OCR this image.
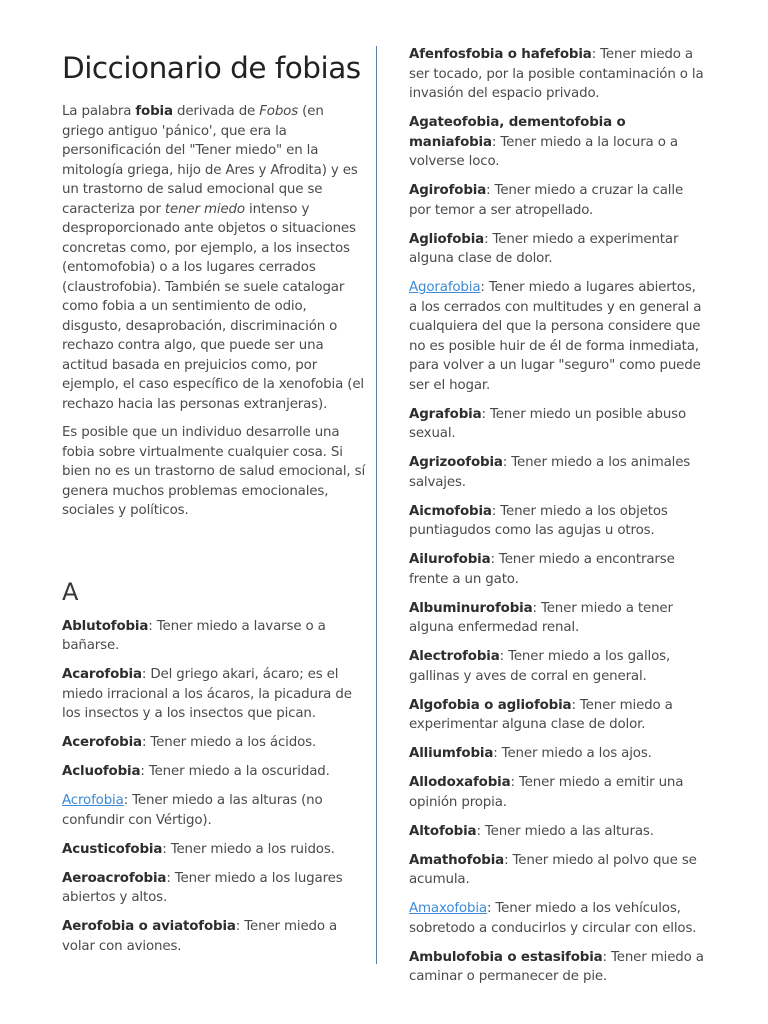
Diccionario de fobias

La palabra fobia derivada de Fobos (en griego antiguo 'pánico', que era la personificación del "Tener miedo" en la mitología griega, hijo de Ares y Afrodita) y es un trastorno de salud emocional que se caracteriza por tener miedo intenso y desproporcionado ante objetos o situaciones concretas como, por ejemplo, a los insectos (entomofobia) o a los lugares cerrados (claustrofobia). También se suele catalogar como fobia a un sentimiento de odio, disgusto, desaprobación, discriminación o rechazo contra algo, que puede ser una actitud basada en prejuicios como, por ejemplo, el caso específico de la xenofobia (el rechazo hacia las personas extranjeras).

Es posible que un individuo desarrolle una fobia sobre virtualmente cualquier cosa. Si bien no es un trastorno de salud emocional, sí genera muchos problemas emocionales, sociales y políticos.

A

Ablutofobia: Tener miedo a lavarse o a bañarse.

Acarofobia: Del griego akari, ácaro; es el miedo irracional a los ácaros, la picadura de los insectos y a los insectos que pican.

Acerofobia: Tener miedo a los ácidos.

Acluofobia: Tener miedo a la oscuridad.

Acrofobia: Tener miedo a las alturas (no confundir con Vértigo).

Acusticofobia: Tener miedo a los ruidos.

Aeroacrofobia: Tener miedo a los lugares abiertos y altos.

Aerofobia o aviatofobia: Tener miedo a volar con aviones.

Afenfosfobia o hafefobia: Tener miedo a ser tocado, por la posible contaminación o la invasión del espacio privado.

Agateofobia, dementofobia o maniafobia: Tener miedo a la locura o a volverse loco.

Agirofobia: Tener miedo a cruzar la calle por temor a ser atropellado.

Agliofobia: Tener miedo a experimentar alguna clase de dolor.

Agorafobia: Tener miedo a lugares abiertos, a los cerrados con multitudes y en general a cualquiera del que la persona considere que no es posible huir de él de forma inmediata, para volver a un lugar "seguro" como puede ser el hogar.

Agrafobia: Tener miedo un posible abuso sexual.

Agrizoofobia: Tener miedo a los animales salvajes.

Aicmofobia: Tener miedo a los objetos puntiagudos como las agujas u otros.

Ailurofobia: Tener miedo a encontrarse frente a un gato.

Albuminurofobia: Tener miedo a tener alguna enfermedad renal.

Alectrofobia: Tener miedo a los gallos, gallinas y aves de corral en general.

Algofobia o agliofobia: Tener miedo a experimentar alguna clase de dolor.

Alliumfobia: Tener miedo a los ajos.

Allodoxafobia: Tener miedo a emitir una opinión propia.

Altofobia: Tener miedo a las alturas.

Amathofobia: Tener miedo al polvo que se acumula.

Amaxofobia: Tener miedo a los vehículos, sobretodo a conducirlos y circular con ellos.

Ambulofobia o estasifobia: Tener miedo a caminar o permanecer de pie.
